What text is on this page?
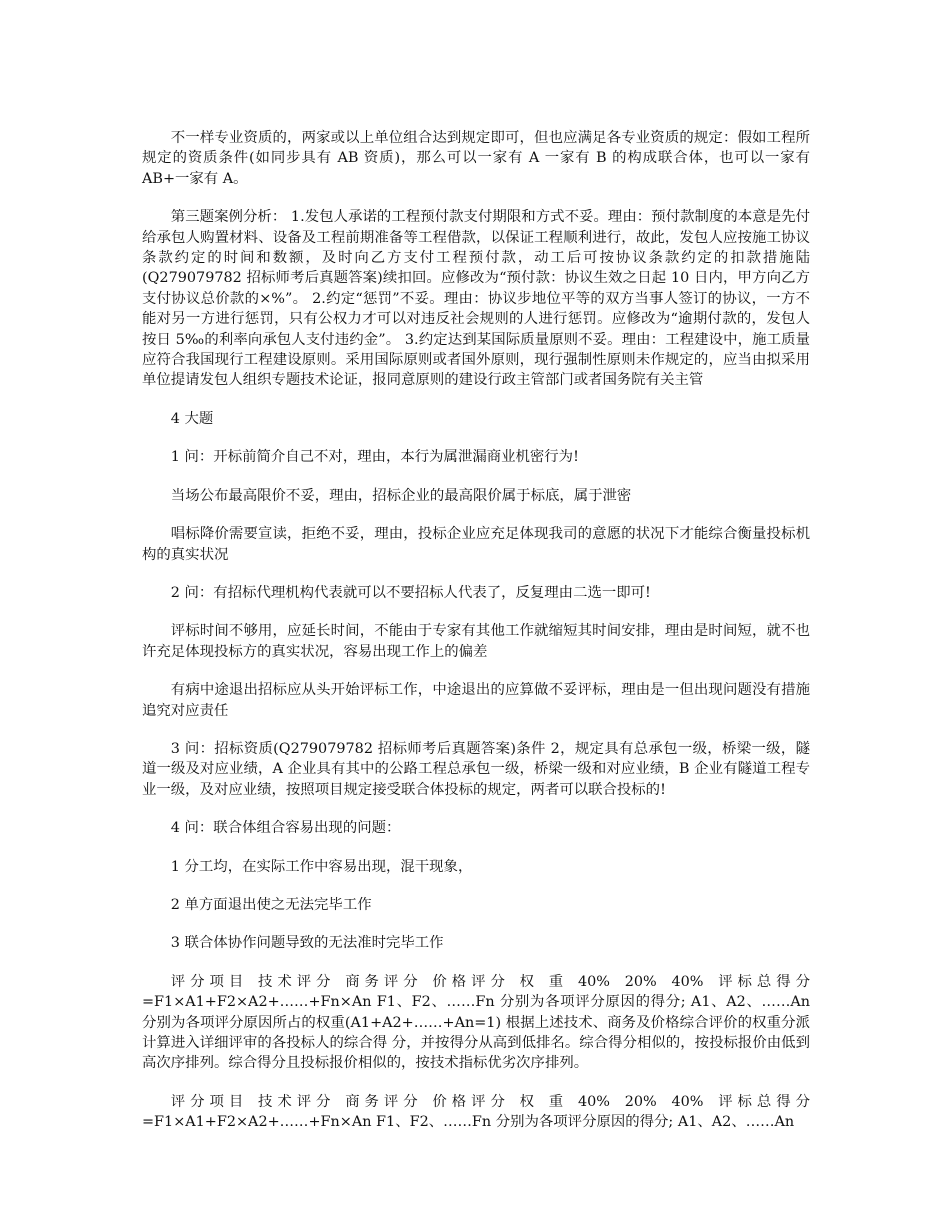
不一样专业资质的，两家或以上单位组合达到规定即可，但也应满足各专业资质的规定：假如工程所规定的资质条件(如同步具有 AB 资质)，那么可以一家有 A 一家有 B 的构成联合体，也可以一家有 AB+一家有 A。

第三题案例分析： 1.发包人承诺的工程预付款支付期限和方式不妥。理由：预付款制度的本意是先付给承包人购置材料、设备及工程前期准备等工程借款，以保证工程顺利进行，故此，发包人应按施工协议条款约定的时间和数额，及时向乙方支付工程预付款，动工后可按协议条款约定的扣款措施陆(Q279079782 招标师考后真题答案)续扣回。应修改为“预付款：协议生效之日起 10 日内，甲方向乙方支付协议总价款的×%”。 2.约定“惩罚”不妥。理由：协议步地位平等的双方当事人签订的协议，一方不能对另一方进行惩罚，只有公权力才可以对违反社会规则的人进行惩罚。应修改为“逾期付款的，发包人按日 5‰的利率向承包人支付违约金”。 3.约定达到某国际质量原则不妥。理由：工程建设中，施工质量应符合我国现行工程建设原则。采用国际原则或者国外原则，现行强制性原则未作规定的，应当由拟采用单位提请发包人组织专题技术论证，报同意原则的建设行政主管部门或者国务院有关主管

4 大题

1 问：开标前简介自己不对，理由，本行为属泄漏商业机密行为!

当场公布最高限价不妥，理由，招标企业的最高限价属于标底，属于泄密

唱标降价需要宣读，拒绝不妥，理由，投标企业应充足体现我司的意愿的状况下才能综合衡量投标机构的真实状况

2 问：有招标代理机构代表就可以不要招标人代表了，反复理由二选一即可!

评标时间不够用，应延长时间，不能由于专家有其他工作就缩短其时间安排，理由是时间短，就不也许充足体现投标方的真实状况，容易出现工作上的偏差

有病中途退出招标应从头开始评标工作，中途退出的应算做不妥评标，理由是一但出现问题没有措施追究对应责任

3 问：招标资质(Q279079782 招标师考后真题答案)条件 2，规定具有总承包一级，桥梁一级，隧道一级及对应业绩，A 企业具有其中的公路工程总承包一级，桥梁一级和对应业绩，B 企业有隧道工程专业一级，及对应业绩，按照项目规定接受联合体投标的规定，两者可以联合投标的!

4 问：联合体组合容易出现的问题：

1 分工均，在实际工作中容易出现，混干现象，

2 单方面退出使之无法完毕工作

3 联合体协作问题导致的无法准时完毕工作

评 分 项 目　技 术 评 分　商 务 评 分　价 格 评 分　权　重　40%　20%　40%　评 标 总 得 分 =F1×A1+F2×A2+……+Fn×An F1、F2、……Fn 分别为各项评分原因的得分; A1、A2、……An 分别为各项评分原因所占的权重(A1+A2+……+An=1) 根据上述技术、商务及价格综合评价的权重分派计算进入详细评审的各投标人的综合得 分，并按得分从高到低排名。综合得分相似的，按投标报价由低到高次序排列。综合得分且投标报价相似的，按技术指标优劣次序排列。

评 分 项 目　技 术 评 分　商 务 评 分　价 格 评 分　权　重　40%　20%　40%　评 标 总 得 分 =F1×A1+F2×A2+……+Fn×An F1、F2、……Fn 分别为各项评分原因的得分; A1、A2、……An
